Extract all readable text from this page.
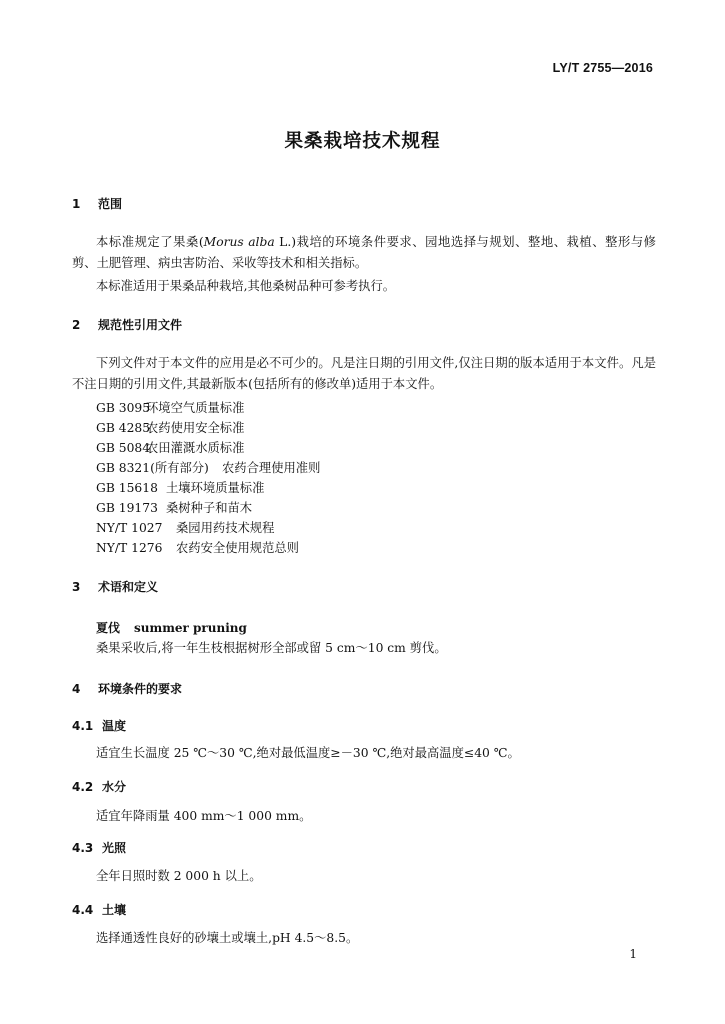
LY/T 2755—2016
果桑栽培技术规程
1 范围
本标准规定了果桑(Morus alba L.)栽培的环境条件要求、园地选择与规划、整地、栽植、整形与修剪、土肥管理、病虫害防治、采收等技术和相关指标。
本标准适用于果桑品种栽培,其他桑树品种可参考执行。
2 规范性引用文件
下列文件对于本文件的应用是必不可少的。凡是注日期的引用文件,仅注日期的版本适用于本文件。凡是不注日期的引用文件,其最新版本(包括所有的修改单)适用于本文件。
GB 3095环境空气质量标准
GB 4285农药使用安全标准
GB 5084农田灌溉水质标准
GB 8321(所有部分) 农药合理使用准则
GB 15618 土壤环境质量标准
GB 19173 桑树种子和苗木
NY/T 1027 桑园用药技术规程
NY/T 1276 农药安全使用规范总则
3 术语和定义
夏伐 summer pruning
桑果采收后,将一年生枝根据树形全部或留 5 cm～10 cm 剪伐。
4 环境条件的要求
4.1 温度
适宜生长温度 25 ℃～30 ℃,绝对最低温度≥－30 ℃,绝对最高温度≤40 ℃。
4.2 水分
适宜年降雨量 400 mm～1 000 mm。
4.3 光照
全年日照时数 2 000 h 以上。
4.4 土壤
选择通透性良好的砂壤土或壤土,pH 4.5～8.5。
1
